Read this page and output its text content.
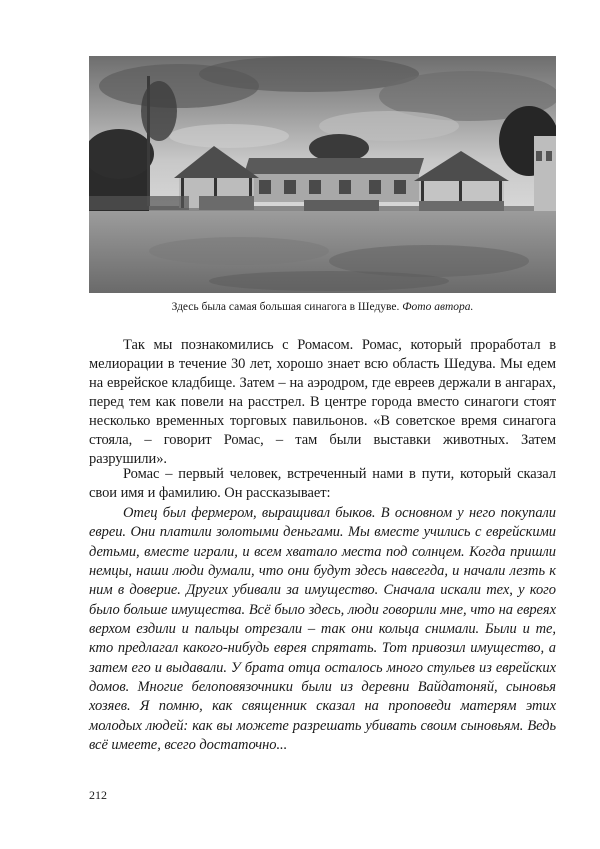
Здесь была самая большая синагога в Шедуве. Фото автора.

Так мы познакомились с Ромасом. Ромас, который проработал в мелиорации в течение 30 лет, хорошо знает всю область Шедува. Мы едем на еврейское кладбище. Затем – на аэродром, где евреев держали в ангарах, перед тем как повели на расстрел. В центре города вместо синагоги стоят несколько временных торговых павильонов. «В советское время синагога стояла, – говорит Ромас, – там были выставки животных. Затем разрушили».

Ромас – первый человек, встреченный нами в пути, который сказал свои имя и фамилию. Он рассказывает:

Отец был фермером, выращивал быков. В основном у него покупали евреи. Они платили золотыми деньгами. Мы вместе учились с еврейскими детьми, вместе играли, и всем хватало места под солнцем. Когда пришли немцы, наши люди думали, что они будут здесь навсегда, и начали лезть к ним в доверие. Других убивали за имущество. Сначала искали тех, у кого было больше имущества. Всё было здесь, люди говорили мне, что на евреях верхом ездили и пальцы отрезали – так они кольца снимали. Были и те, кто предлагал какого-нибудь еврея спрятать. Тот привозил имущество, а затем его и выдавали. У брата отца осталось много стульев из еврейских домов. Многие белоповязочники были из деревни Вайдатоняй, сыновья хозяев. Я помню, как священник сказал на проповеди матерям этих молодых людей: как вы можете разрешать убивать своим сыновьям. Ведь всё имеете, всего достаточно...

212
